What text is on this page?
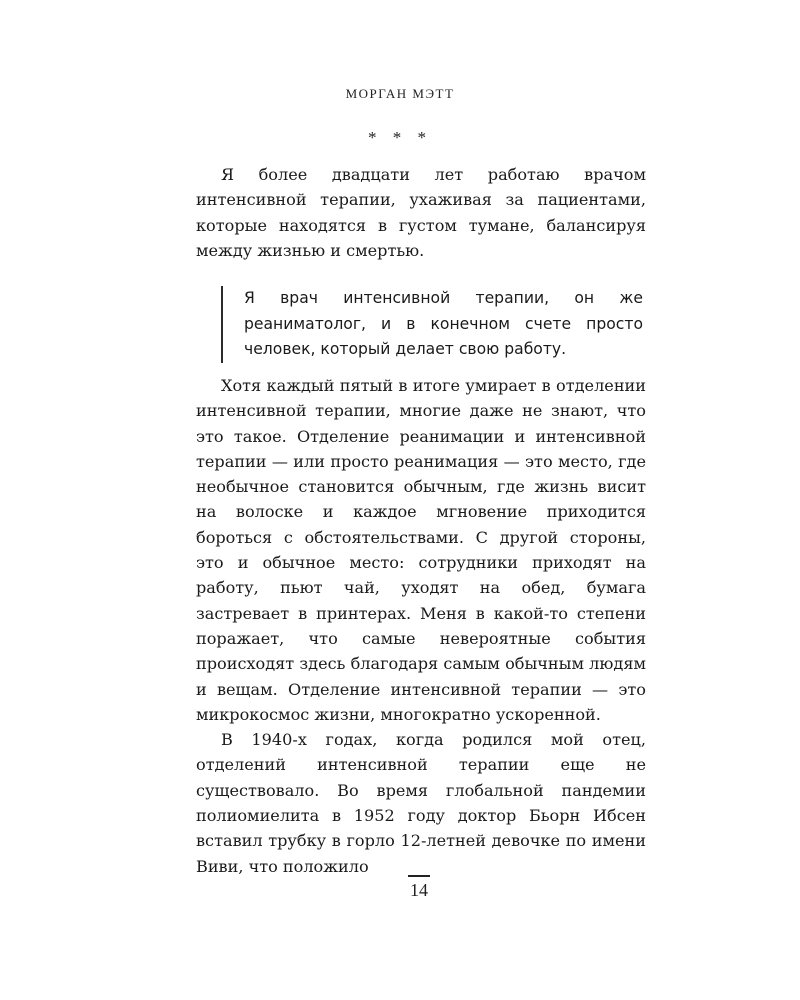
МОРГАН МЭТТ
* * *

Я более двадцати лет работаю врачом интенсивной терапии, ухаживая за пациентами, которые находятся в густом тумане, балансируя между жизнью и смертью.

Я врач интенсивной терапии, он же реаниматолог, и в конечном счете просто человек, который делает свою работу.

Хотя каждый пятый в итоге умирает в отделении интенсивной терапии, многие даже не знают, что это такое. Отделение реанимации и интенсивной терапии — или просто реанимация — это место, где необычное становится обычным, где жизнь висит на волоске и каждое мгновение приходится бороться с обстоятельствами. С другой стороны, это и обычное место: сотрудники приходят на работу, пьют чай, уходят на обед, бумага застревает в принтерах. Меня в какой-то степени поражает, что самые невероятные события происходят здесь благодаря самым обычным людям и вещам. Отделение интенсивной терапии — это микрокосмос жизни, многократно ускоренной.

В 1940-х годах, когда родился мой отец, отделений интенсивной терапии еще не существовало. Во время глобальной пандемии полиомиелита в 1952 году доктор Бьорн Ибсен вставил трубку в горло 12-летней девочке по имени Виви, что положило

14
